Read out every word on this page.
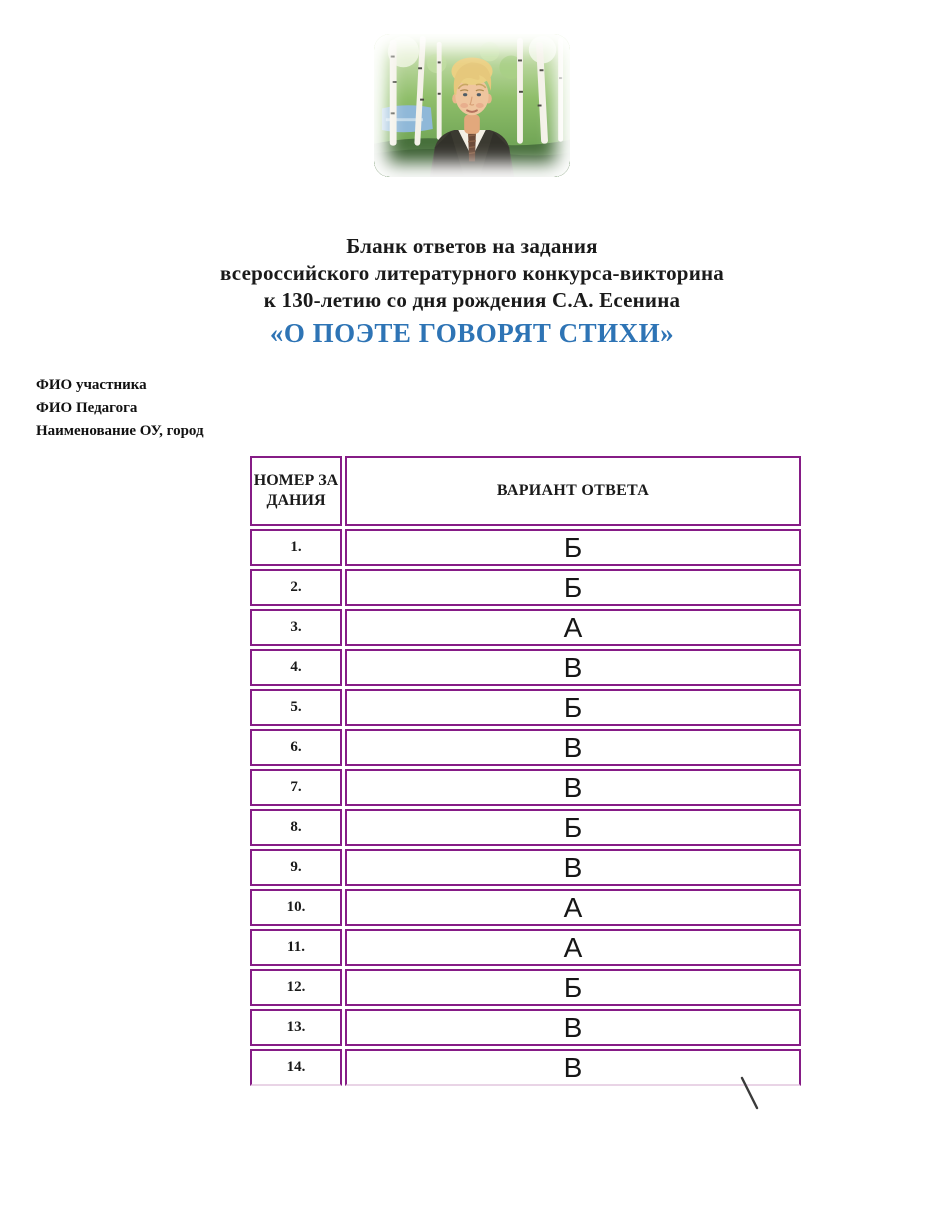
Бланк ответов на задания
всероссийского литературного конкурса-викторина
к 130-летию со дня рождения С.А. Есенина
«О ПОЭТЕ ГОВОРЯТ СТИХИ»
ФИО участника
ФИО Педагога
Наименование ОУ, город
НОМЕР ЗАДАНИЯ	ВАРИАНТ ОТВЕТА
1.	Б
2.	Б
3.	А
4.	В
5.	Б
6.	В
7.	В
8.	Б
9.	В
10.	А
11.	А
12.	Б
13.	В
14.	В
